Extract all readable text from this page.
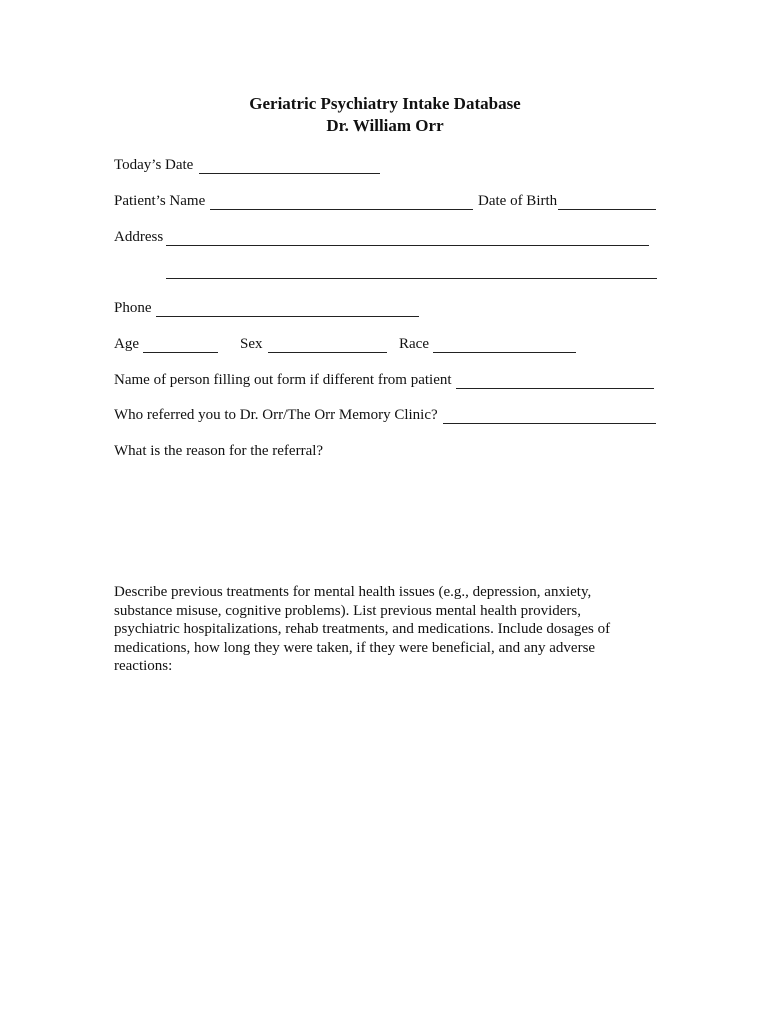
Geriatric Psychiatry Intake Database
Dr. William Orr
Today’s Date
Patient’s Name	Date of Birth
Address
Phone
Age	Sex	Race
Name of person filling out form if different from patient
Who referred you to Dr. Orr/The Orr Memory Clinic?
What is the reason for the referral?
Describe previous treatments for mental health issues (e.g., depression, anxiety,
substance misuse, cognitive problems). List previous mental health providers,
psychiatric hospitalizations, rehab treatments, and medications. Include dosages of
medications, how long they were taken, if they were beneficial, and any adverse
reactions:
